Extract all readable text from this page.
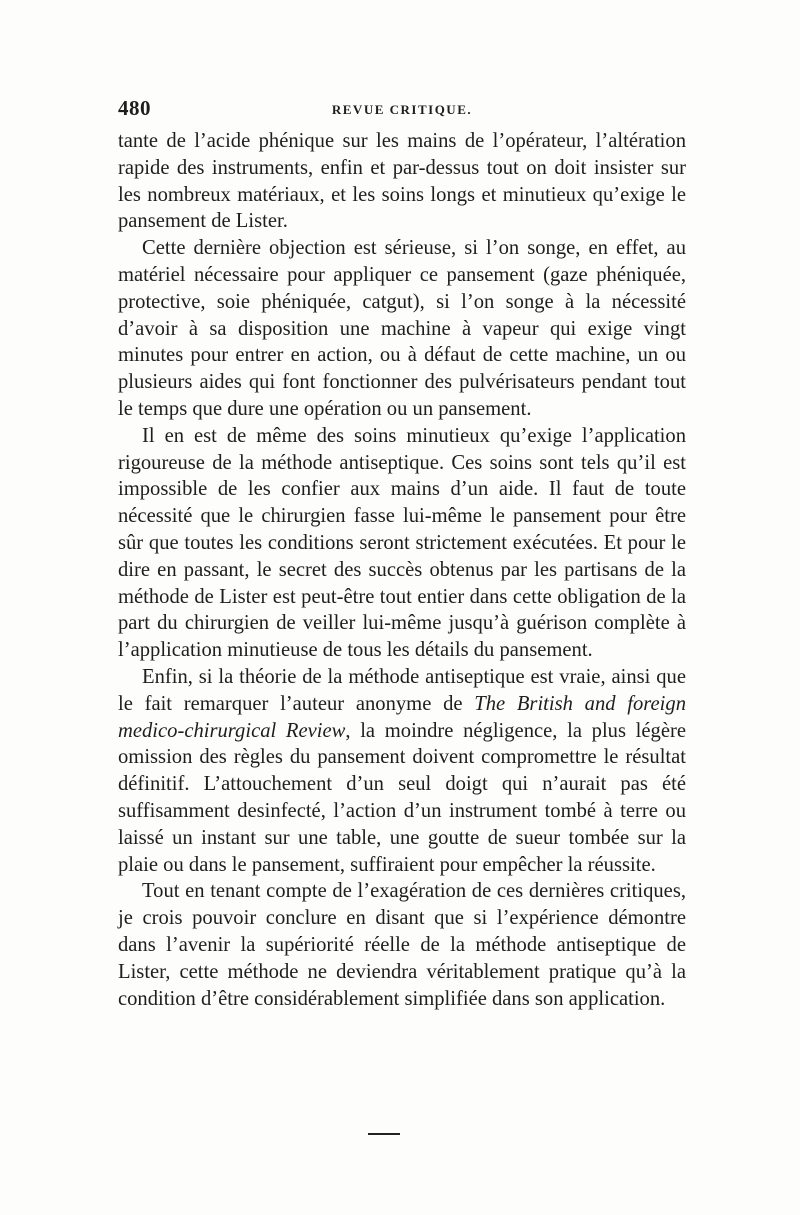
480	REVUE CRITIQUE.

tante de l’acide phénique sur les mains de l’opérateur, l’altération rapide des instruments, enfin et par-dessus tout on doit insister sur les nombreux matériaux, et les soins longs et minutieux qu’exige le pansement de Lister.

Cette dernière objection est sérieuse, si l’on songe, en effet, au matériel nécessaire pour appliquer ce pansement (gaze phéniquée, protective, soie phéniquée, catgut), si l’on songe à la nécessité d’avoir à sa disposition une machine à vapeur qui exige vingt minutes pour entrer en action, ou à défaut de cette machine, un ou plusieurs aides qui font fonctionner des pulvérisateurs pendant tout le temps que dure une opération ou un pansement.

Il en est de même des soins minutieux qu’exige l’application rigoureuse de la méthode antiseptique. Ces soins sont tels qu’il est impossible de les confier aux mains d’un aide. Il faut de toute nécessité que le chirurgien fasse lui-même le pansement pour être sûr que toutes les conditions seront strictement exécutées. Et pour le dire en passant, le secret des succès obtenus par les partisans de la méthode de Lister est peut-être tout entier dans cette obligation de la part du chirurgien de veiller lui-même jusqu’à guérison complète à l’application minutieuse de tous les détails du pansement.

Enfin, si la théorie de la méthode antiseptique est vraie, ainsi que le fait remarquer l’auteur anonyme de The British and foreign medico-chirurgical Review, la moindre négligence, la plus légère omission des règles du pansement doivent compromettre le résultat définitif. L’attouchement d’un seul doigt qui n’aurait pas été suffisamment desinfecté, l’action d’un instrument tombé à terre ou laissé un instant sur une table, une goutte de sueur tombée sur la plaie ou dans le pansement, suffiraient pour empêcher la réussite.

Tout en tenant compte de l’exagération de ces dernières critiques, je crois pouvoir conclure en disant que si l’expérience démontre dans l’avenir la supériorité réelle de la méthode antiseptique de Lister, cette méthode ne deviendra véritablement pratique qu’à la condition d’être considérablement simplifiée dans son application.
